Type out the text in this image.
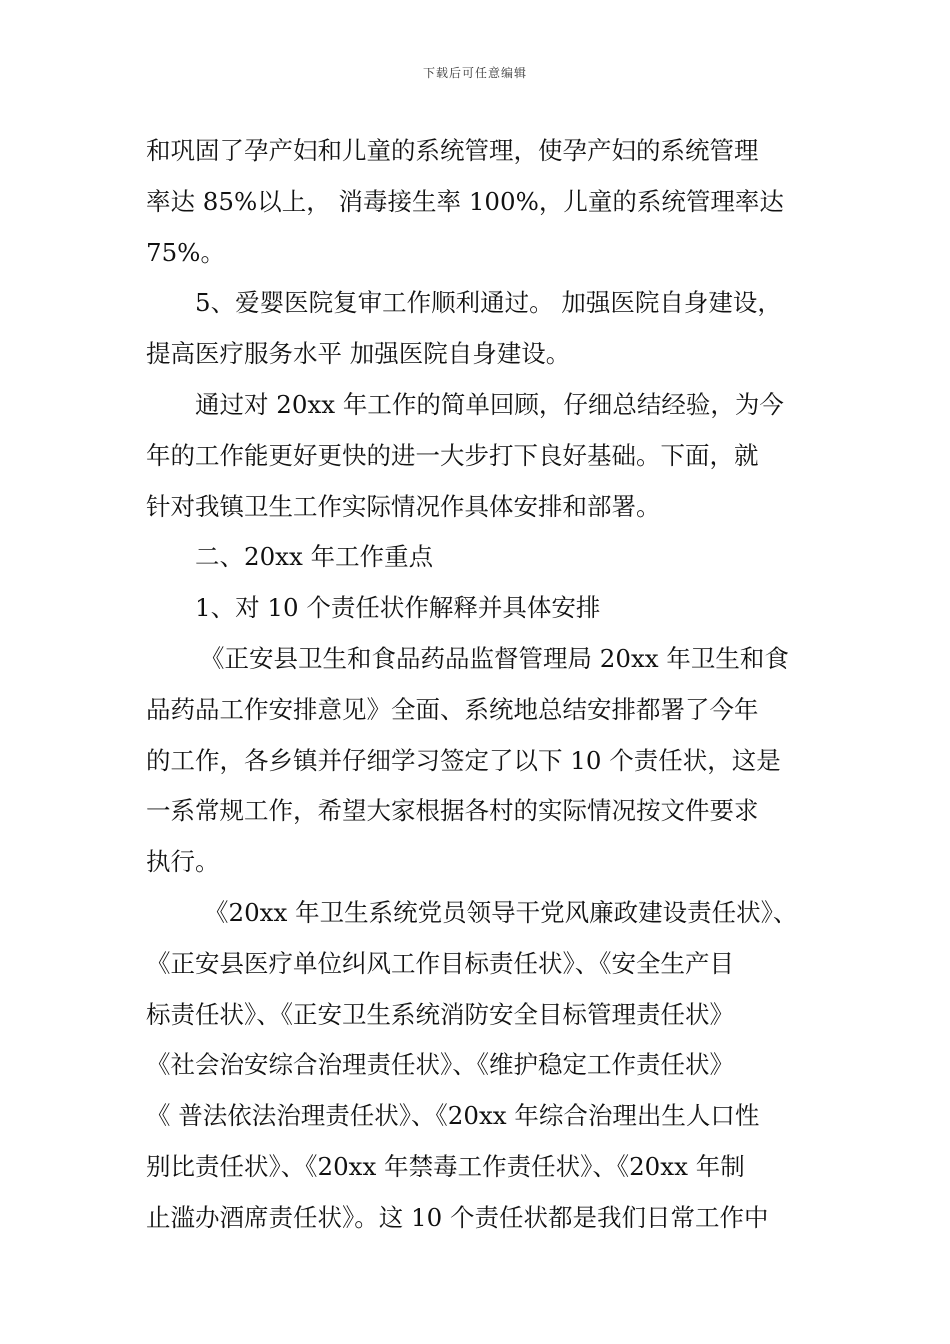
下载后可任意编辑
和巩固了孕产妇和儿童的系统管理，使孕产妇的系统管理
率达 85%以上， 消毒接生率 100%，儿童的系统管理率达
75%。
5、爱婴医院复审工作顺利通过。 加强医院自身建设，
提高医疗服务水平 加强医院自身建设。
通过对 20xx 年工作的简单回顾，仔细总结经验，为今
年的工作能更好更快的进一大步打下良好基础。下面，就
针对我镇卫生工作实际情况作具体安排和部署。
二、20xx 年工作重点
1、对 10 个责任状作解释并具体安排
《正安县卫生和食品药品监督管理局 20xx 年卫生和食
品药品工作安排意见》全面、系统地总结安排都署了今年
的工作，各乡镇并仔细学习签定了以下 10 个责任状，这是
一系常规工作，希望大家根据各村的实际情况按文件要求
执行。
《20xx 年卫生系统党员领导干党风廉政建设责任状》、
《正安县医疗单位纠风工作目标责任状》、《安全生产目
标责任状》、《正安卫生系统消防安全目标管理责任状》
《社会治安综合治理责任状》、《维护稳定工作责任状》
《 普法依法治理责任状》、《20xx 年综合治理出生人口性
别比责任状》、《20xx 年禁毒工作责任状》、《20xx 年制
止滥办酒席责任状》。这 10 个责任状都是我们日常工作中
